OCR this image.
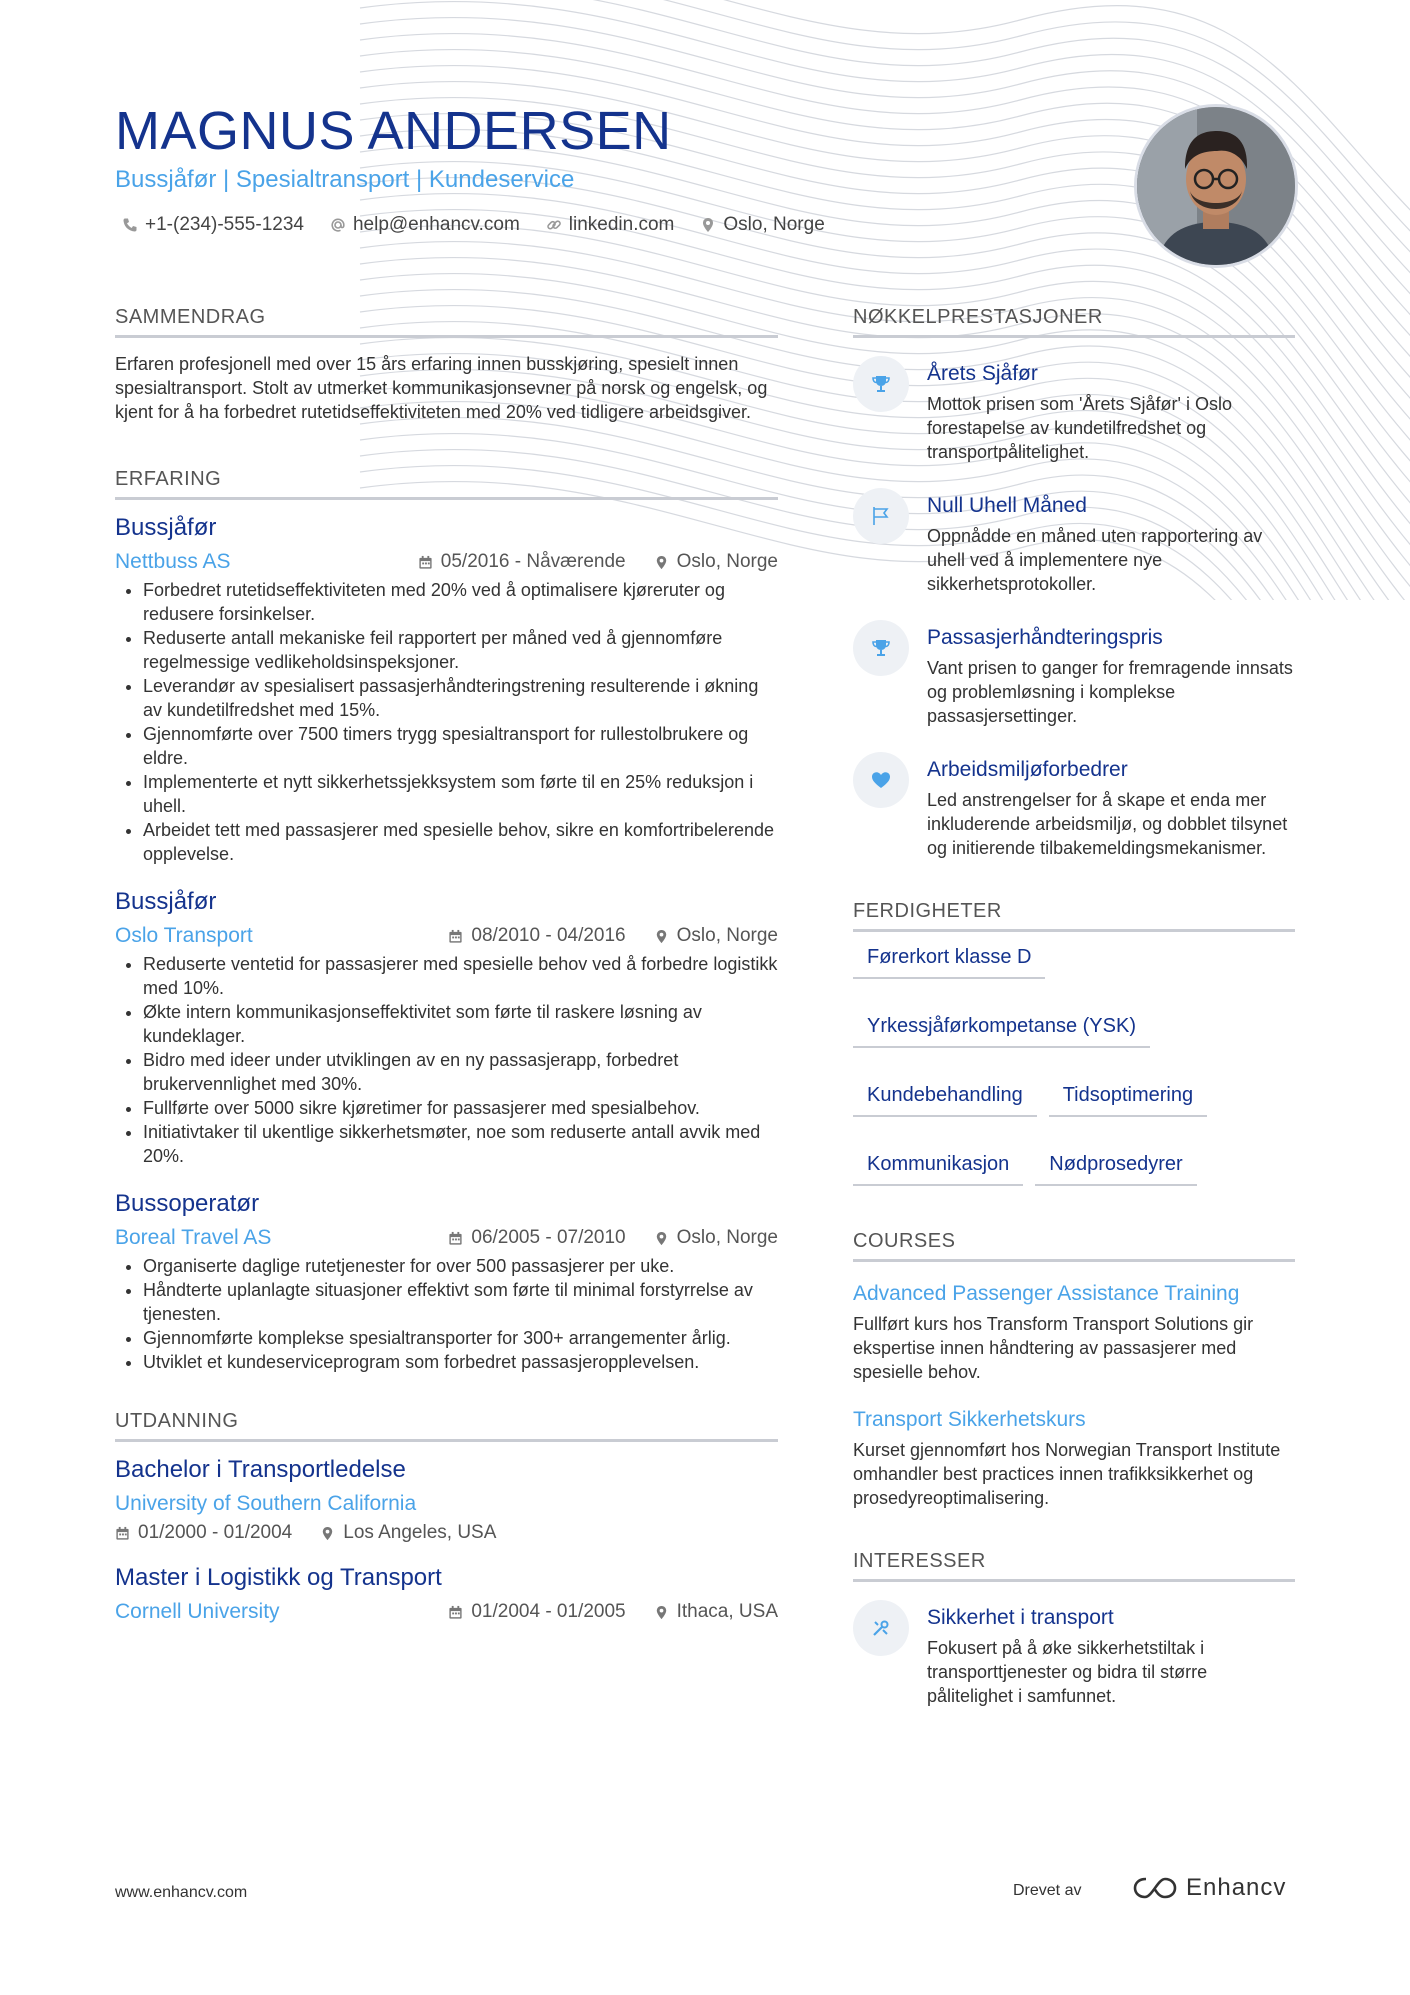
MAGNUS ANDERSEN
Bussjåfør | Spesialtransport | Kundeservice
+1-(234)-555-1234	help@enhancv.com	linkedin.com	Oslo, Norge
SAMMENDRAG

Erfaren profesjonell med over 15 års erfaring innen busskjøring, spesielt innen spesialtransport. Stolt av utmerket kommunikasjonsevner på norsk og engelsk, og kjent for å ha forbedret rutetidseffektiviteten med 20% ved tidligere arbeidsgiver.

ERFARING
Bussjåfør
Nettbuss AS	05/2016 - Nåværende	Oslo, Norge
• Forbedret rutetidseffektiviteten med 20% ved å optimalisere kjøreruter og redusere forsinkelser.
• Reduserte antall mekaniske feil rapportert per måned ved å gjennomføre regelmessige vedlikeholdsinspeksjoner.
• Leverandør av spesialisert passasjerhåndteringstrening resulterende i økning av kundetilfredshet med 15%.
• Gjennomførte over 7500 timers trygg spesialtransport for rullestolbrukere og eldre.
• Implementerte et nytt sikkerhetssjekksystem som førte til en 25% reduksjon i uhell.
• Arbeidet tett med passasjerer med spesielle behov, sikre en komfortribelerende opplevelse.
Bussjåfør
Oslo Transport	08/2010 - 04/2016	Oslo, Norge
• Reduserte ventetid for passasjerer med spesielle behov ved å forbedre logistikk med 10%.
• Økte intern kommunikasjonseffektivitet som førte til raskere løsning av kundeklager.
• Bidro med ideer under utviklingen av en ny passasjerapp, forbedret brukervennlighet med 30%.
• Fullførte over 5000 sikre kjøretimer for passasjerer med spesialbehov.
• Initiativtaker til ukentlige sikkerhetsmøter, noe som reduserte antall avvik med 20%.
Bussoperatør
Boreal Travel AS	06/2005 - 07/2010	Oslo, Norge
• Organiserte daglige rutetjenester for over 500 passasjerer per uke.
• Håndterte uplanlagte situasjoner effektivt som førte til minimal forstyrrelse av tjenesten.
• Gjennomførte komplekse spesialtransporter for 300+ arrangementer årlig.
• Utviklet et kundeserviceprogram som forbedret passasjeropplevelsen.
UTDANNING
Bachelor i Transportledelse
University of Southern California
01/2000 - 01/2004	Los Angeles, USA
Master i Logistikk og Transport
Cornell University	01/2004 - 01/2005	Ithaca, USA
NØKKELPRESTASJONER
Årets Sjåfør
Mottok prisen som 'Årets Sjåfør' i Oslo forestapelse av kundetilfredshet og transportpålitelighet.
Null Uhell Måned
Oppnådde en måned uten rapportering av uhell ved å implementere nye sikkerhetsprotokoller.
Passasjerhåndteringspris
Vant prisen to ganger for fremragende innsats og problemløsning i komplekse passasjersettinger.
Arbeidsmiljøforbedrer
Led anstrengelser for å skape et enda mer inkluderende arbeidsmiljø, og dobblet tilsynet og initierende tilbakemeldingsmekanismer.
FERDIGHETER
Førerkort klasse D
Yrkessjåførkompetanse (YSK)
Kundebehandling	Tidsoptimering
Kommunikasjon	Nødprosedyrer
COURSES
Advanced Passenger Assistance Training
Fullført kurs hos Transform Transport Solutions gir ekspertise innen håndtering av passasjerer med spesielle behov.
Transport Sikkerhetskurs
Kurset gjennomført hos Norwegian Transport Institute omhandler best practices innen trafikksikkerhet og prosedyreoptimalisering.
INTERESSER
Sikkerhet i transport
Fokusert på å øke sikkerhetstiltak i transporttjenester og bidra til større pålitelighet i samfunnet.
www.enhancv.com	Drevet av	Enhancv
